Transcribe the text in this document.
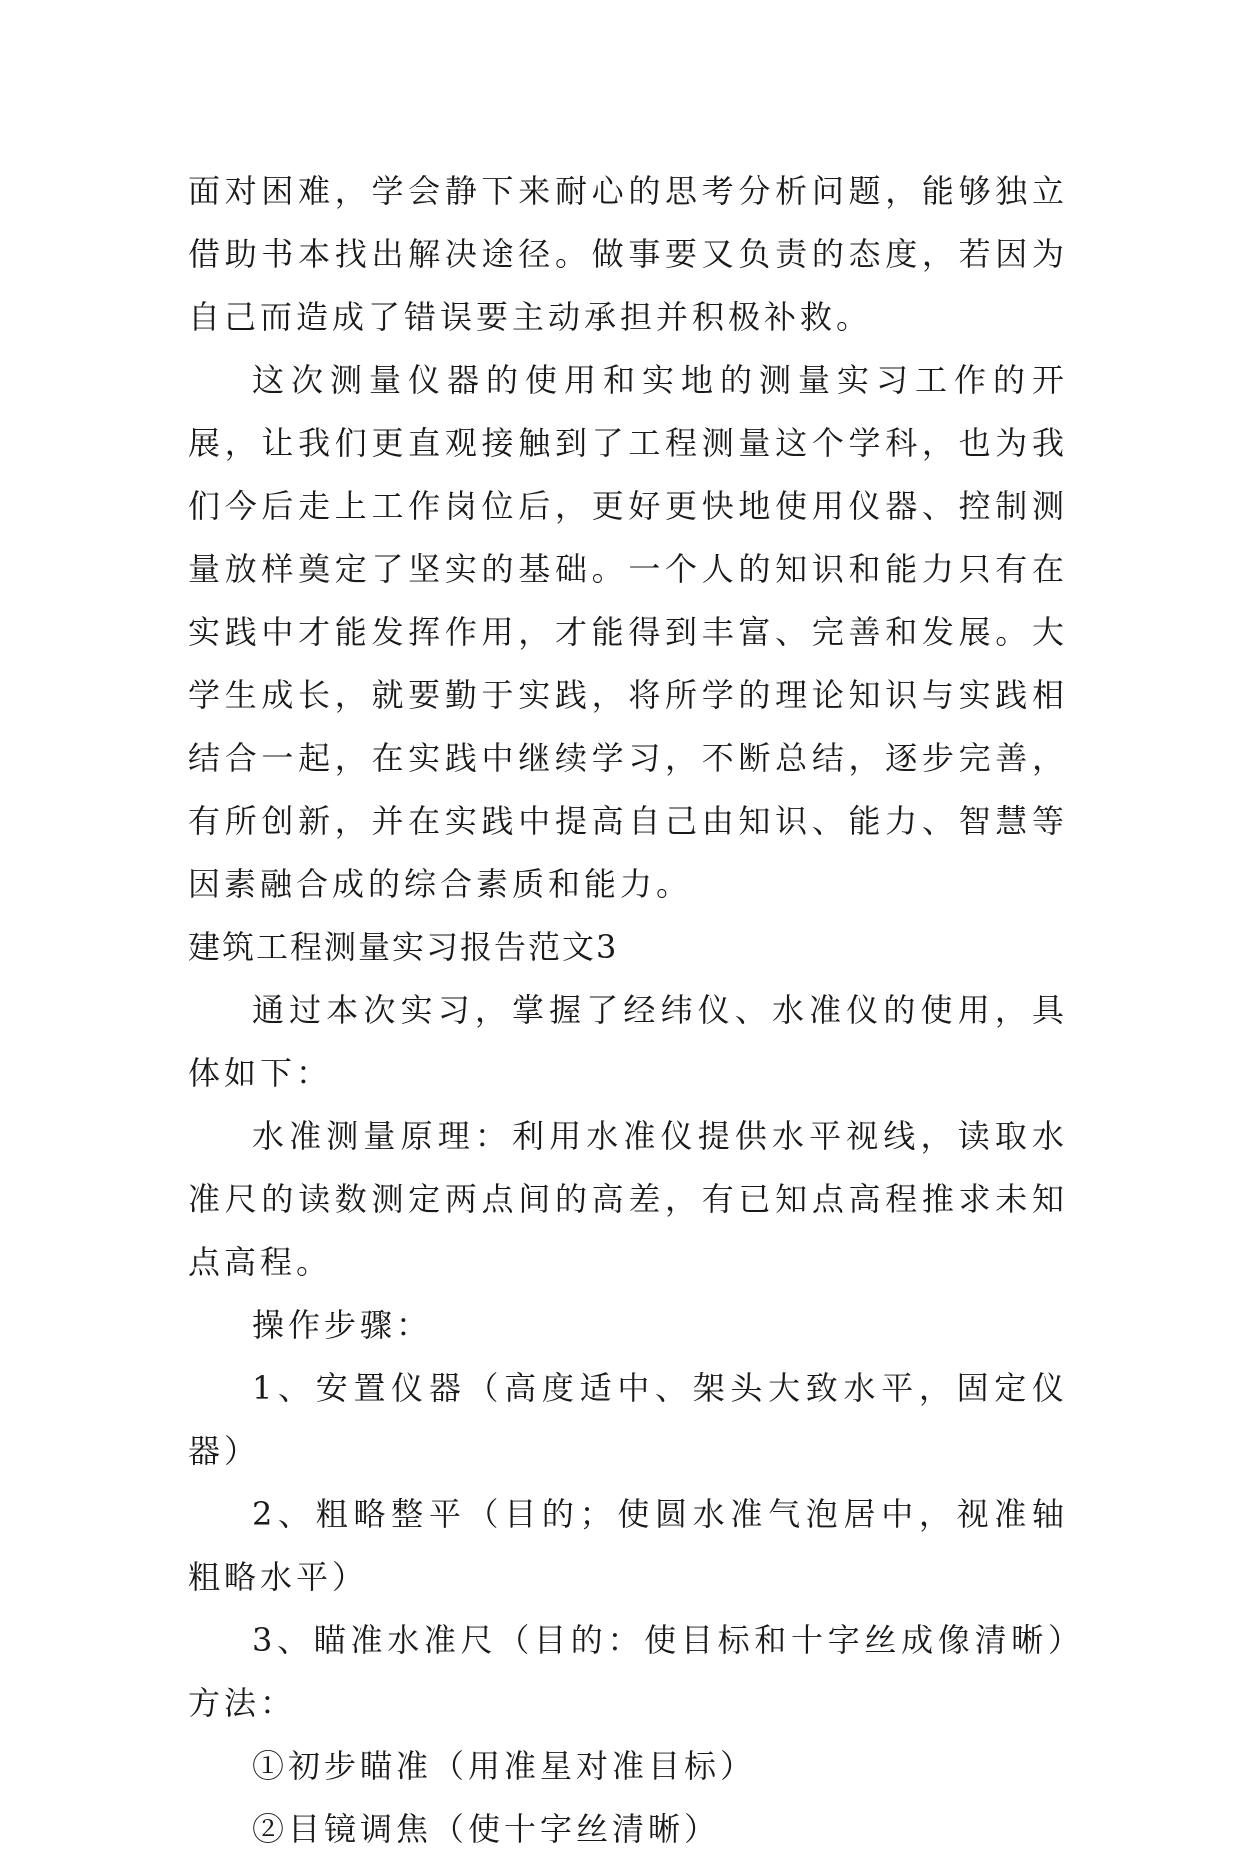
面对困难，学会静下来耐心的思考分析问题，能够独立借助书本找出解决途径。做事要又负责的态度，若因为自己而造成了错误要主动承担并积极补救。

这次测量仪器的使用和实地的测量实习工作的开展，让我们更直观接触到了工程测量这个学科，也为我们今后走上工作岗位后，更好更快地使用仪器、控制测量放样奠定了坚实的基础。一个人的知识和能力只有在实践中才能发挥作用，才能得到丰富、完善和发展。大学生成长，就要勤于实践，将所学的理论知识与实践相结合一起，在实践中继续学习，不断总结，逐步完善，有所创新，并在实践中提高自己由知识、能力、智慧等因素融合成的综合素质和能力。

建筑工程测量实习报告范文3

通过本次实习，掌握了经纬仪、水准仪的使用，具体如下：

水准测量原理：利用水准仪提供水平视线，读取水准尺的读数测定两点间的高差，有已知点高程推求未知点高程。

操作步骤：

1、安置仪器（高度适中、架头大致水平，固定仪器）

2、粗略整平（目的；使圆水准气泡居中，视准轴粗略水平）

3、瞄准水准尺（目的：使目标和十字丝成像清晰）方法：

①初步瞄准（用准星对准目标）

②目镜调焦（使十字丝清晰）
